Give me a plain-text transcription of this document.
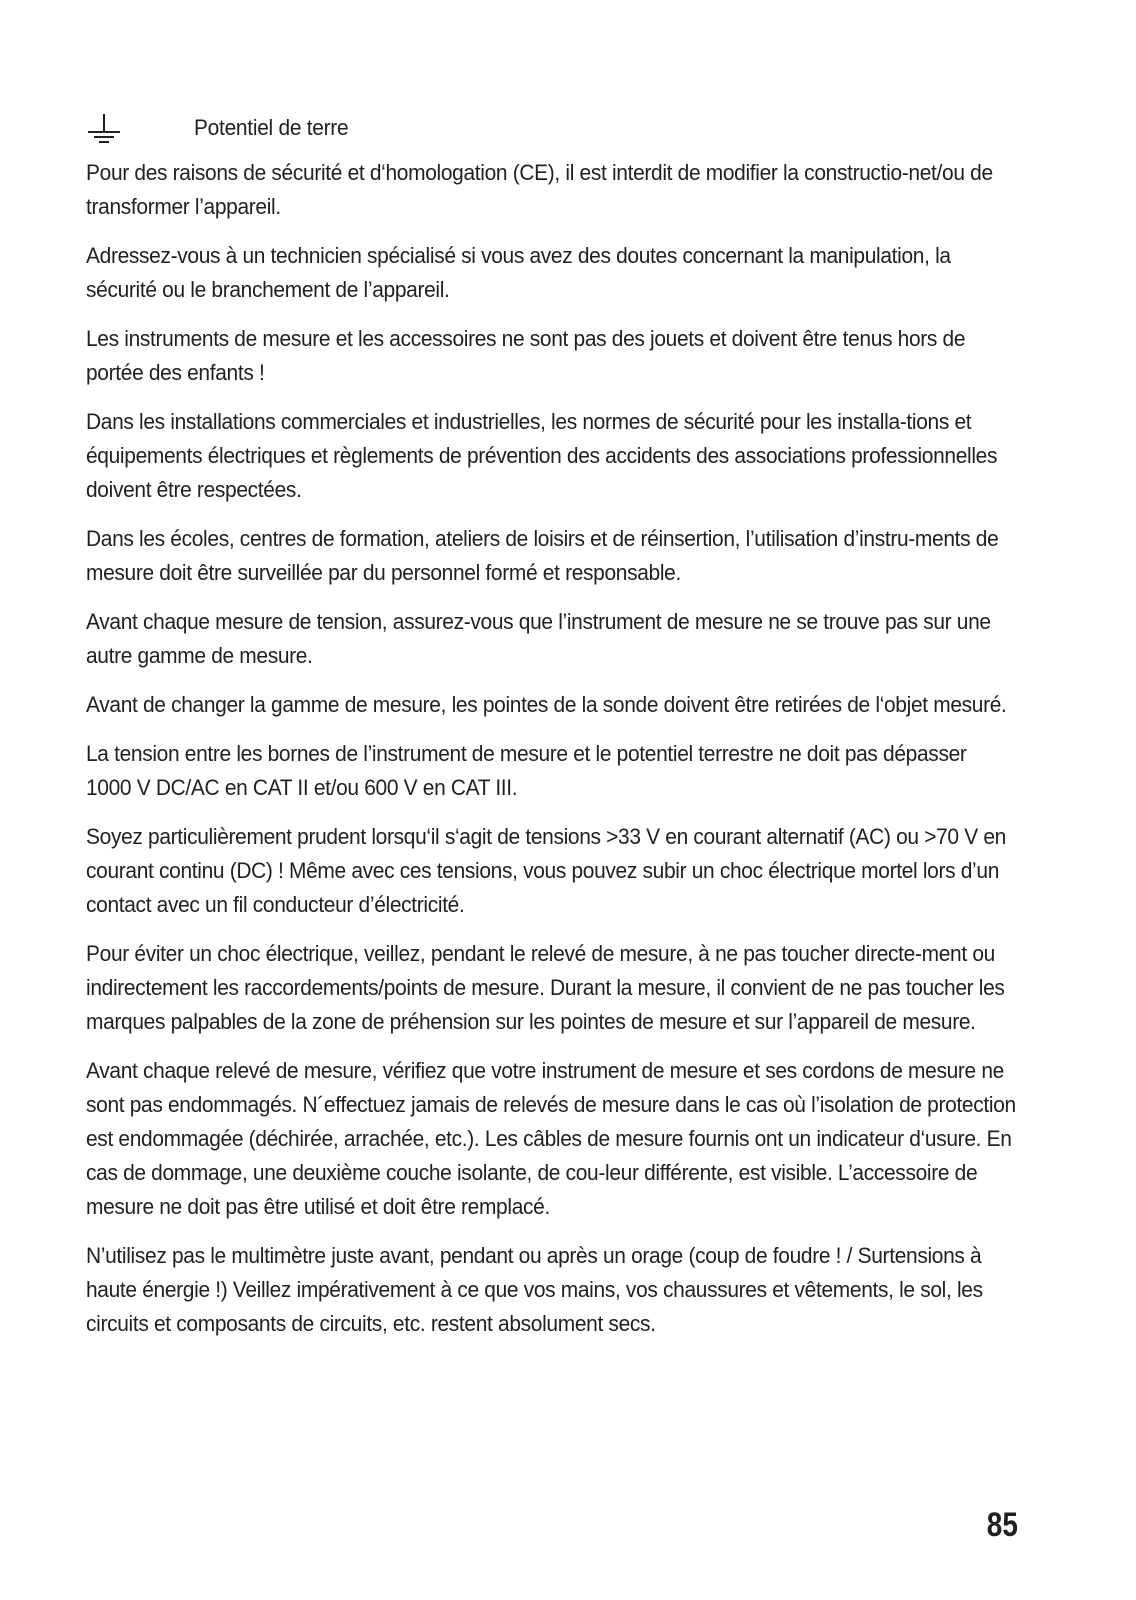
Potentiel de terre

Pour des raisons de sécurité et d‘homologation (CE), il est interdit de modifier la constructio-net/ou de transformer l’appareil.

Adressez-vous à un technicien spécialisé si vous avez des doutes concernant la manipulation, la sécurité ou le branchement de l’appareil.

Les instruments de mesure et les accessoires ne sont pas des jouets et doivent être tenus hors de portée des enfants !

Dans les installations commerciales et industrielles, les normes de sécurité pour les installa-tions et équipements électriques et règlements de prévention des accidents des associations professionnelles doivent être respectées.

Dans les écoles, centres de formation, ateliers de loisirs et de réinsertion, l’utilisation d’instru-ments de mesure doit être surveillée par du personnel formé et responsable.

Avant chaque mesure de tension, assurez-vous que l’instrument de mesure ne se trouve pas sur une autre gamme de mesure.

Avant de changer la gamme de mesure, les pointes de la sonde doivent être retirées de l‘objet mesuré.

La tension entre les bornes de l’instrument de mesure et le potentiel terrestre ne doit pas dépasser 1000 V DC/AC en CAT II et/ou 600 V en CAT III.

Soyez particulièrement prudent lorsqu‘il s‘agit de tensions >33 V en courant alternatif (AC) ou >70 V en courant continu (DC) ! Même avec ces tensions, vous pouvez subir un choc électrique mortel lors d’un contact avec un fil conducteur d’électricité.

Pour éviter un choc électrique, veillez, pendant le relevé de mesure, à ne pas toucher directe-ment ou indirectement les raccordements/points de mesure. Durant la mesure, il convient de ne pas toucher les marques palpables de la zone de préhension sur les pointes de mesure et sur l’appareil de mesure.

Avant chaque relevé de mesure, vérifiez que votre instrument de mesure et ses cordons de mesure ne sont pas endommagés. N´effectuez jamais de relevés de mesure dans le cas où l’isolation de protection est endommagée (déchirée, arrachée, etc.). Les câbles de mesure fournis ont un indicateur d‘usure. En cas de dommage, une deuxième couche isolante, de cou-leur différente, est visible. L’accessoire de mesure ne doit pas être utilisé et doit être remplacé.

N’utilisez pas le multimètre juste avant, pendant ou après un orage (coup de foudre ! / Surtensions à haute énergie !) Veillez impérativement à ce que vos mains, vos chaussures et vêtements, le sol, les circuits et composants de circuits, etc. restent absolument secs.

85
